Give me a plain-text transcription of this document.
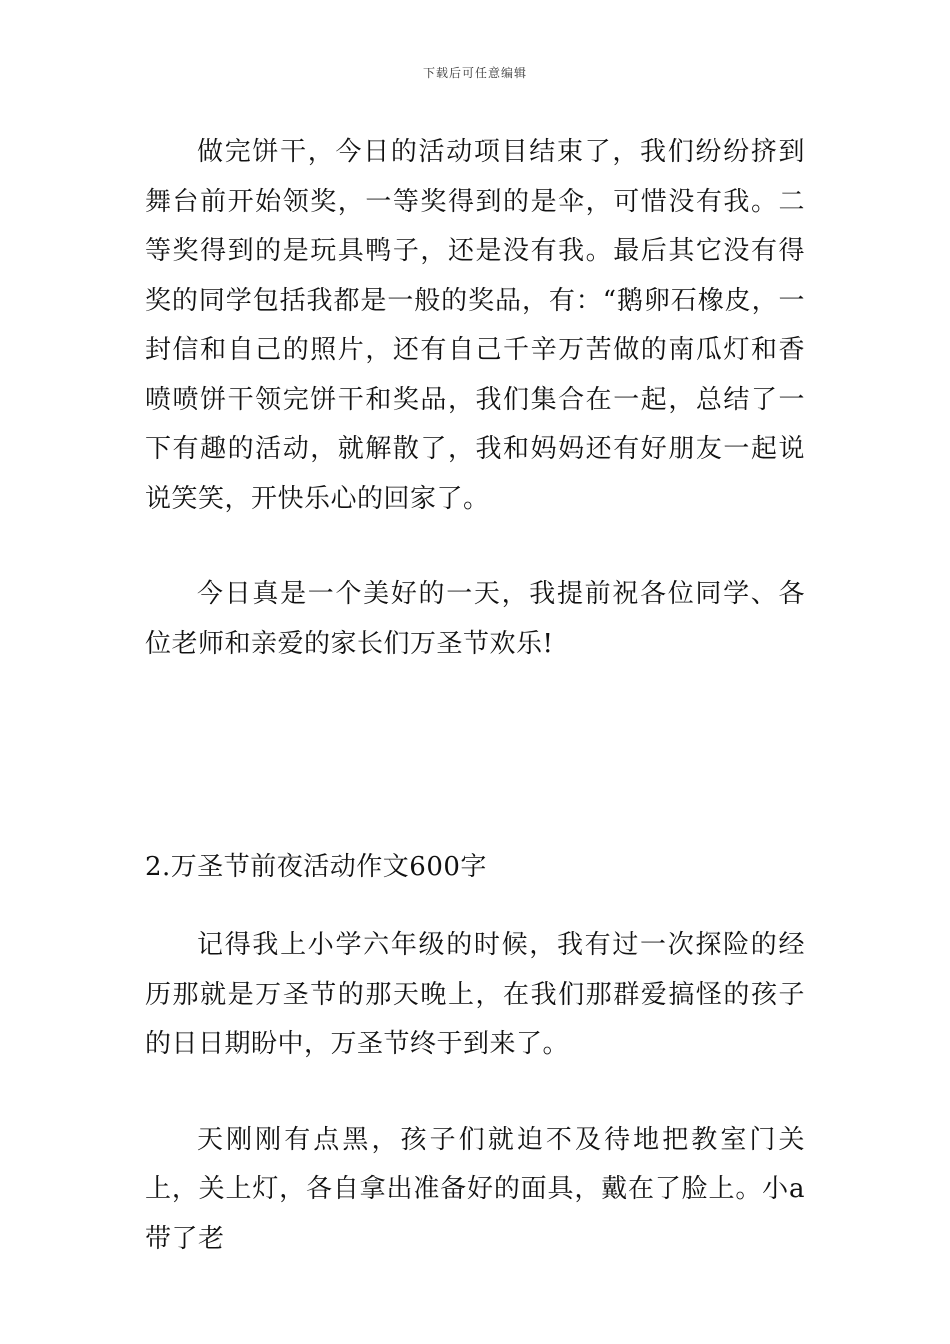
下载后可任意编辑

做完饼干，今日的活动项目结束了，我们纷纷挤到舞台前开始领奖，一等奖得到的是伞，可惜没有我。二等奖得到的是玩具鸭子，还是没有我。最后其它没有得奖的同学包括我都是一般的奖品，有：“鹅卵石橡皮，一封信和自己的照片，还有自己千辛万苦做的南瓜灯和香喷喷饼干领完饼干和奖品，我们集合在一起，总结了一下有趣的活动，就解散了，我和妈妈还有好朋友一起说说笑笑，开快乐心的回家了。

今日真是一个美好的一天，我提前祝各位同学、各位老师和亲爱的家长们万圣节欢乐!

2.万圣节前夜活动作文600字

记得我上小学六年级的时候，我有过一次探险的经历那就是万圣节的那天晚上，在我们那群爱搞怪的孩子的日日期盼中，万圣节终于到来了。

天刚刚有点黑，孩子们就迫不及待地把教室门关上，关上灯，各自拿出准备好的面具，戴在了脸上。小a带了老
